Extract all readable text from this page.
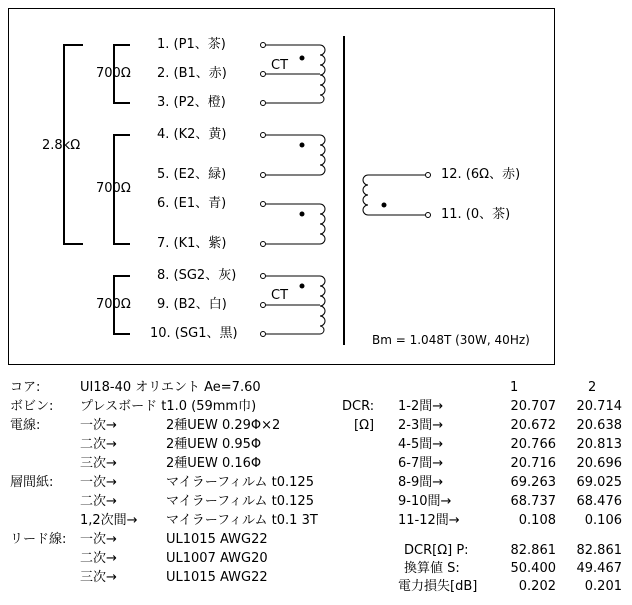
2.8kΩ
700Ω
700Ω
700Ω
CT
CT
1. (P1、茶)
2. (B1、赤)
3. (P2、橙)
4. (K2、黄)
5. (E2、緑)
6. (E1、青)
7. (K1、紫)
8. (SG2、灰)
9. (B2、白)
10. (SG1、黒)
12. (6Ω、赤)
11. (0、茶)
Bm = 1.048T (30W, 40Hz)
コア:	UI18-40 オリエント Ae=7.60
ボビン: プレスボード t1.0 (59mm巾)
電線:	一次→	2種UEW 0.29Φ×2
二次→	2種UEW 0.95Φ
三次→	2種UEW 0.16Φ
層間紙: 一次→	マイラーフィルム t0.125
二次→	マイラーフィルム t0.125
1,2次間→ マイラーフィルム t0.1 3T
リード線: 一次→	UL1015 AWG22
二次→	UL1007 AWG20
三次→	UL1015 AWG22
1	2
DCR:
[Ω]
1-2間→	20.707	20.714
2-3間→	20.672	20.638
4-5間→	20.766	20.813
6-7間→	20.716	20.696
8-9間→	69.263	69.025
9-10間→	68.737	68.476
11-12間→	0.108	0.106
DCR[Ω] P:	82.861	82.861
換算値 S:	50.400	49.467
電力損失[dB]	0.202	0.201
